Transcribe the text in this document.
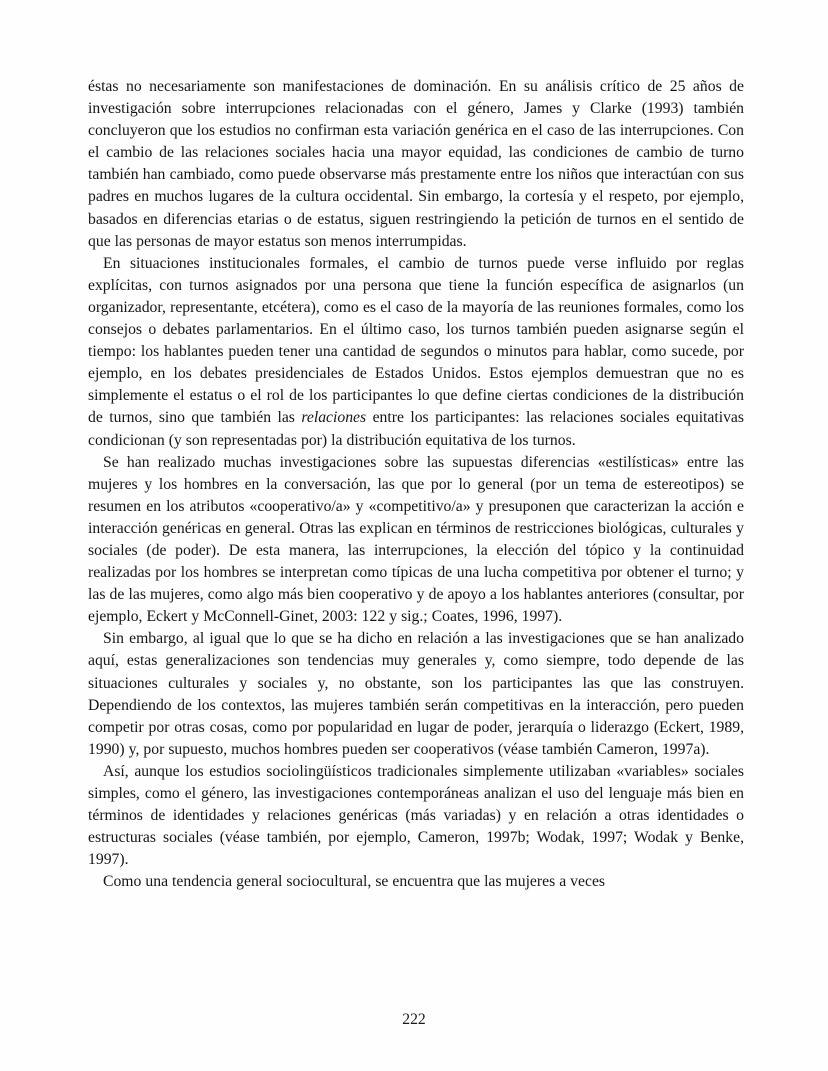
éstas no necesariamente son manifestaciones de dominación. En su análisis crítico de 25 años de investigación sobre interrupciones relacionadas con el género, James y Clarke (1993) también concluyeron que los estudios no confirman esta variación genérica en el caso de las interrupciones. Con el cambio de las relaciones sociales hacia una mayor equidad, las condiciones de cambio de turno también han cambiado, como puede observarse más prestamente entre los niños que interactúan con sus padres en muchos lugares de la cultura occidental. Sin embargo, la cortesía y el respeto, por ejemplo, basados en diferencias etarias o de estatus, siguen restringiendo la petición de turnos en el sentido de que las personas de mayor estatus son menos interrumpidas.

En situaciones institucionales formales, el cambio de turnos puede verse influido por reglas explícitas, con turnos asignados por una persona que tiene la función específica de asignarlos (un organizador, representante, etcétera), como es el caso de la mayoría de las reuniones formales, como los consejos o debates parlamentarios. En el último caso, los turnos también pueden asignarse según el tiempo: los hablantes pueden tener una cantidad de segundos o minutos para hablar, como sucede, por ejemplo, en los debates presidenciales de Estados Unidos. Estos ejemplos demuestran que no es simplemente el estatus o el rol de los participantes lo que define ciertas condiciones de la distribución de turnos, sino que también las relaciones entre los participantes: las relaciones sociales equitativas condicionan (y son representadas por) la distribución equitativa de los turnos.

Se han realizado muchas investigaciones sobre las supuestas diferencias «estilísticas» entre las mujeres y los hombres en la conversación, las que por lo general (por un tema de estereotipos) se resumen en los atributos «cooperativo/a» y «competitivo/a» y presuponen que caracterizan la acción e interacción genéricas en general. Otras las explican en términos de restricciones biológicas, culturales y sociales (de poder). De esta manera, las interrupciones, la elección del tópico y la continuidad realizadas por los hombres se interpretan como típicas de una lucha competitiva por obtener el turno; y las de las mujeres, como algo más bien cooperativo y de apoyo a los hablantes anteriores (consultar, por ejemplo, Eckert y McConnell-Ginet, 2003: 122 y sig.; Coates, 1996, 1997).

Sin embargo, al igual que lo que se ha dicho en relación a las investigaciones que se han analizado aquí, estas generalizaciones son tendencias muy generales y, como siempre, todo depende de las situaciones culturales y sociales y, no obstante, son los participantes las que las construyen. Dependiendo de los contextos, las mujeres también serán competitivas en la interacción, pero pueden competir por otras cosas, como por popularidad en lugar de poder, jerarquía o liderazgo (Eckert, 1989, 1990) y, por supuesto, muchos hombres pueden ser cooperativos (véase también Cameron, 1997a).

Así, aunque los estudios sociolingüísticos tradicionales simplemente utilizaban «variables» sociales simples, como el género, las investigaciones contemporáneas analizan el uso del lenguaje más bien en términos de identidades y relaciones genéricas (más variadas) y en relación a otras identidades o estructuras sociales (véase también, por ejemplo, Cameron, 1997b; Wodak, 1997; Wodak y Benke, 1997).

Como una tendencia general sociocultural, se encuentra que las mujeres a veces

222
